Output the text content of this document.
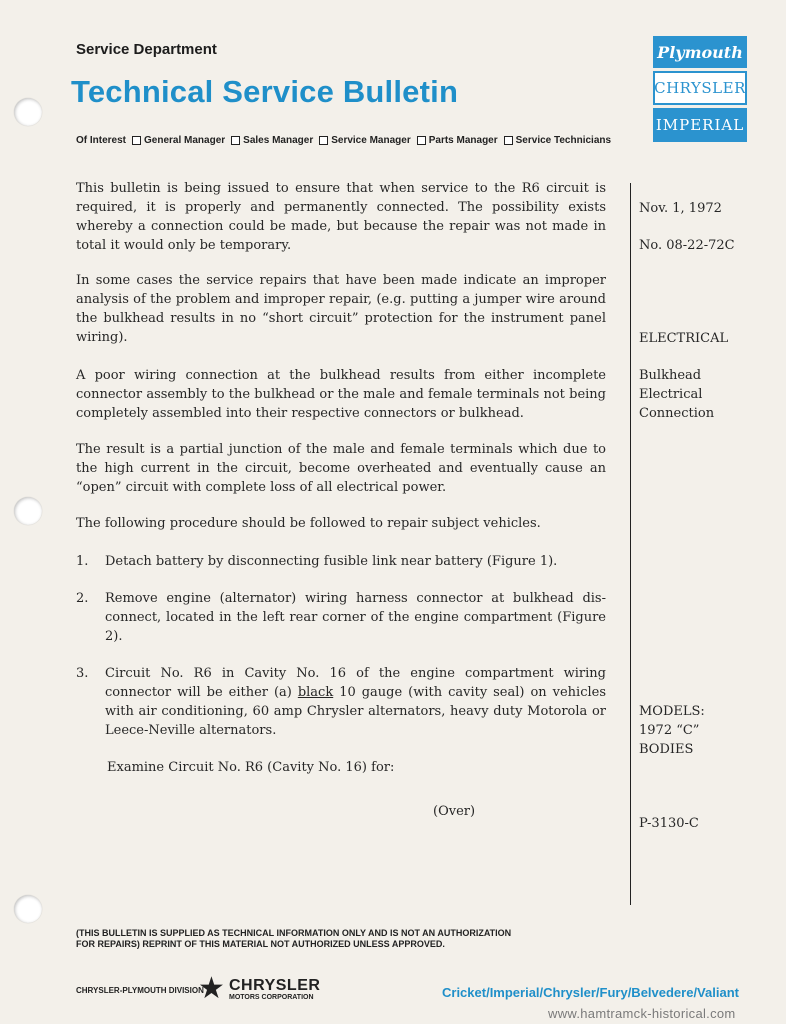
Service Department
Technical Service Bulletin
Of Interest General Manager Sales Manager Service Manager Parts Manager Service Technicians
Plymouth
CHRYSLER
IMPERIAL
This bulletin is being issued to ensure that when service to the R6 circuit is required, it is properly and permanently connected. The possibility exists whereby a connection could be made, but because the repair was not made in total it would only be temporary.
In some cases the service repairs that have been made indicate an improper analysis of the problem and improper repair, (e.g. putting a jumper wire around the bulkhead results in no “short circuit” protection for the instrument panel wiring).
A poor wiring connection at the bulkhead results from either incomplete connector assembly to the bulkhead or the male and female terminals not being completely assembled into their respective connectors or bulkhead.
The result is a partial junction of the male and female terminals which due to the high current in the circuit, become overheated and eventually cause an “open” circuit with complete loss of all electrical power.
The following procedure should be followed to repair subject vehicles.
1. Detach battery by disconnecting fusible link near battery (Figure 1).
2. Remove engine (alternator) wiring harness connector at bulkhead dis-connect, located in the left rear corner of the engine compartment (Figure 2).
3. Circuit No. R6 in Cavity No. 16 of the engine compartment wiring connector will be either (a) black 10 gauge (with cavity seal) on vehicles with air conditioning, 60 amp Chrysler alternators, heavy duty Motorola or Leece-Neville alternators.
Examine Circuit No. R6 (Cavity No. 16) for:
(Over)
Nov. 1, 1972
No. 08-22-72C
ELECTRICAL
Bulkhead
Electrical
Connection
MODELS:
1972 “C”
BODIES
P-3130-C
(THIS BULLETIN IS SUPPLIED AS TECHNICAL INFORMATION ONLY AND IS NOT AN AUTHORIZATION
FOR REPAIRS) REPRINT OF THIS MATERIAL NOT AUTHORIZED UNLESS APPROVED.
CHRYSLER-PLYMOUTH DIVISION
★ CHRYSLER
MOTORS CORPORATION	Cricket/Imperial/Chrysler/Fury/Belvedere/Valiant
www.hamtramck-historical.com
